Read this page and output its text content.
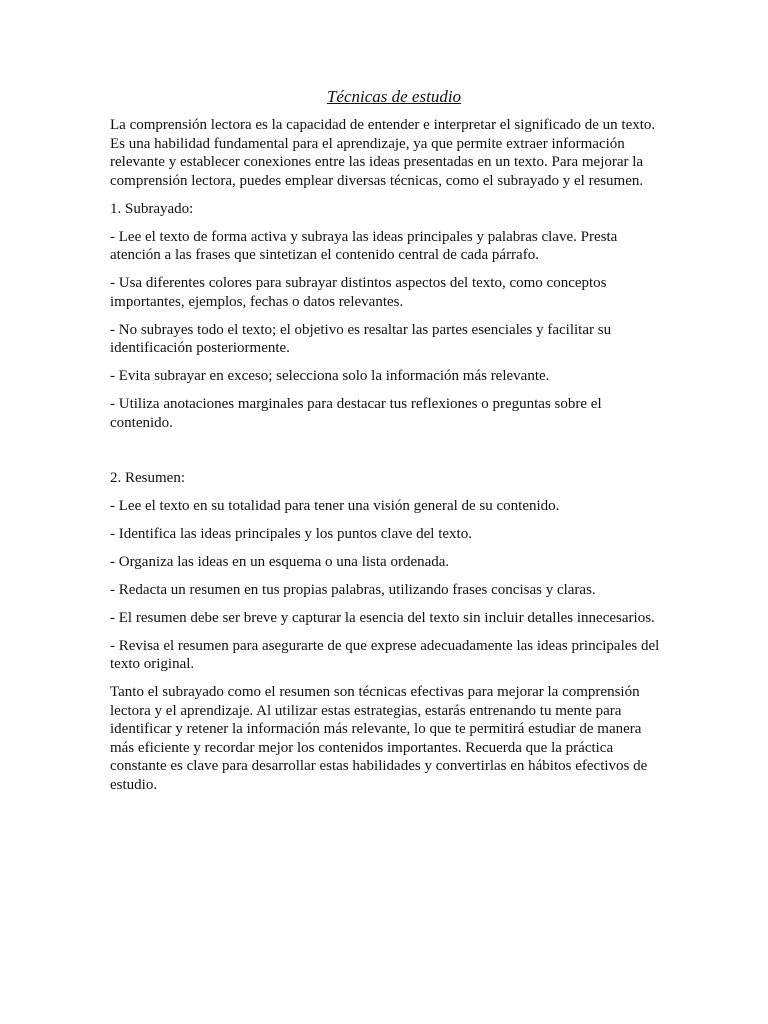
Técnicas de estudio

La comprensión lectora es la capacidad de entender e interpretar el significado de un texto. Es una habilidad fundamental para el aprendizaje, ya que permite extraer información relevante y establecer conexiones entre las ideas presentadas en un texto. Para mejorar la comprensión lectora, puedes emplear diversas técnicas, como el subrayado y el resumen.

1. Subrayado:

- Lee el texto de forma activa y subraya las ideas principales y palabras clave. Presta atención a las frases que sintetizan el contenido central de cada párrafo.

- Usa diferentes colores para subrayar distintos aspectos del texto, como conceptos importantes, ejemplos, fechas o datos relevantes.

- No subrayes todo el texto; el objetivo es resaltar las partes esenciales y facilitar su identificación posteriormente.

- Evita subrayar en exceso; selecciona solo la información más relevante.

- Utiliza anotaciones marginales para destacar tus reflexiones o preguntas sobre el contenido.

2. Resumen:

- Lee el texto en su totalidad para tener una visión general de su contenido.

- Identifica las ideas principales y los puntos clave del texto.

- Organiza las ideas en un esquema o una lista ordenada.

- Redacta un resumen en tus propias palabras, utilizando frases concisas y claras.

- El resumen debe ser breve y capturar la esencia del texto sin incluir detalles innecesarios.

- Revisa el resumen para asegurarte de que exprese adecuadamente las ideas principales del texto original.

Tanto el subrayado como el resumen son técnicas efectivas para mejorar la comprensión lectora y el aprendizaje. Al utilizar estas estrategias, estarás entrenando tu mente para identificar y retener la información más relevante, lo que te permitirá estudiar de manera más eficiente y recordar mejor los contenidos importantes. Recuerda que la práctica constante es clave para desarrollar estas habilidades y convertirlas en hábitos efectivos de estudio.
